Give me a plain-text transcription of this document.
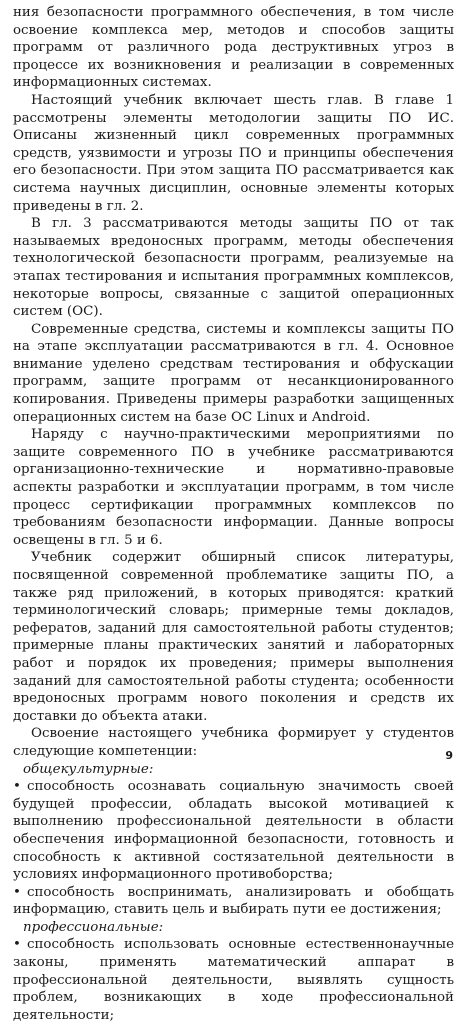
ния безопасности программного обеспечения, в том числе освоение комплекса мер, методов и способов защиты программ от различного рода деструктивных угроз в процессе их возникновения и реализации в современных информационных системах.

Настоящий учебник включает шесть глав. В главе 1 рассмотрены элементы методологии защиты ПО ИС. Описаны жизненный цикл современных программных средств, уязвимости и угрозы ПО и принципы обеспечения его безопасности. При этом защита ПО рассматривается как система научных дисциплин, основные элементы которых приведены в гл. 2.

В гл. 3 рассматриваются методы защиты ПО от так называемых вредоносных программ, методы обеспечения технологической безопасности программ, реализуемые на этапах тестирования и испытания программных комплексов, некоторые вопросы, связанные с защитой операционных систем (ОС).

Современные средства, системы и комплексы защиты ПО на этапе эксплуатации рассматриваются в гл. 4. Основное внимание уделено средствам тестирования и обфускации программ, защите программ от несанкционированного копирования. Приведены примеры разработки защищенных операционных систем на базе ОС Linux и Android.

Наряду с научно-практическими мероприятиями по защите современного ПО в учебнике рассматриваются организационно-технические и нормативно-правовые аспекты разработки и эксплуатации программ, в том числе процесс сертификации программных комплексов по требованиям безопасности информации. Данные вопросы освещены в гл. 5 и 6.

Учебник содержит обширный список литературы, посвященной современной проблематике защиты ПО, а также ряд приложений, в которых приводятся: краткий терминологический словарь; примерные темы докладов, рефератов, заданий для самостоятельной работы студентов; примерные планы практических занятий и лабораторных работ и порядок их проведения; примеры выполнения заданий для самостоятельной работы студента; особенности вредоносных программ нового поколения и средств их доставки до объекта атаки.

Освоение настоящего учебника формирует у студентов следующие компетенции:

общекультурные:

• способность осознавать социальную значимость своей будущей профессии, обладать высокой мотивацией к выполнению профессиональной деятельности в области обеспечения информационной безопасности, готовность и способность к активной состязательной деятельности в условиях информационного противоборства;

• способность воспринимать, анализировать и обобщать информацию, ставить цель и выбирать пути ее достижения;

профессиональные:

• способность использовать основные естественнонаучные законы, применять математический аппарат в профессиональной деятельности, выявлять сущность проблем, возникающих в ходе профессиональной деятельности;

9
